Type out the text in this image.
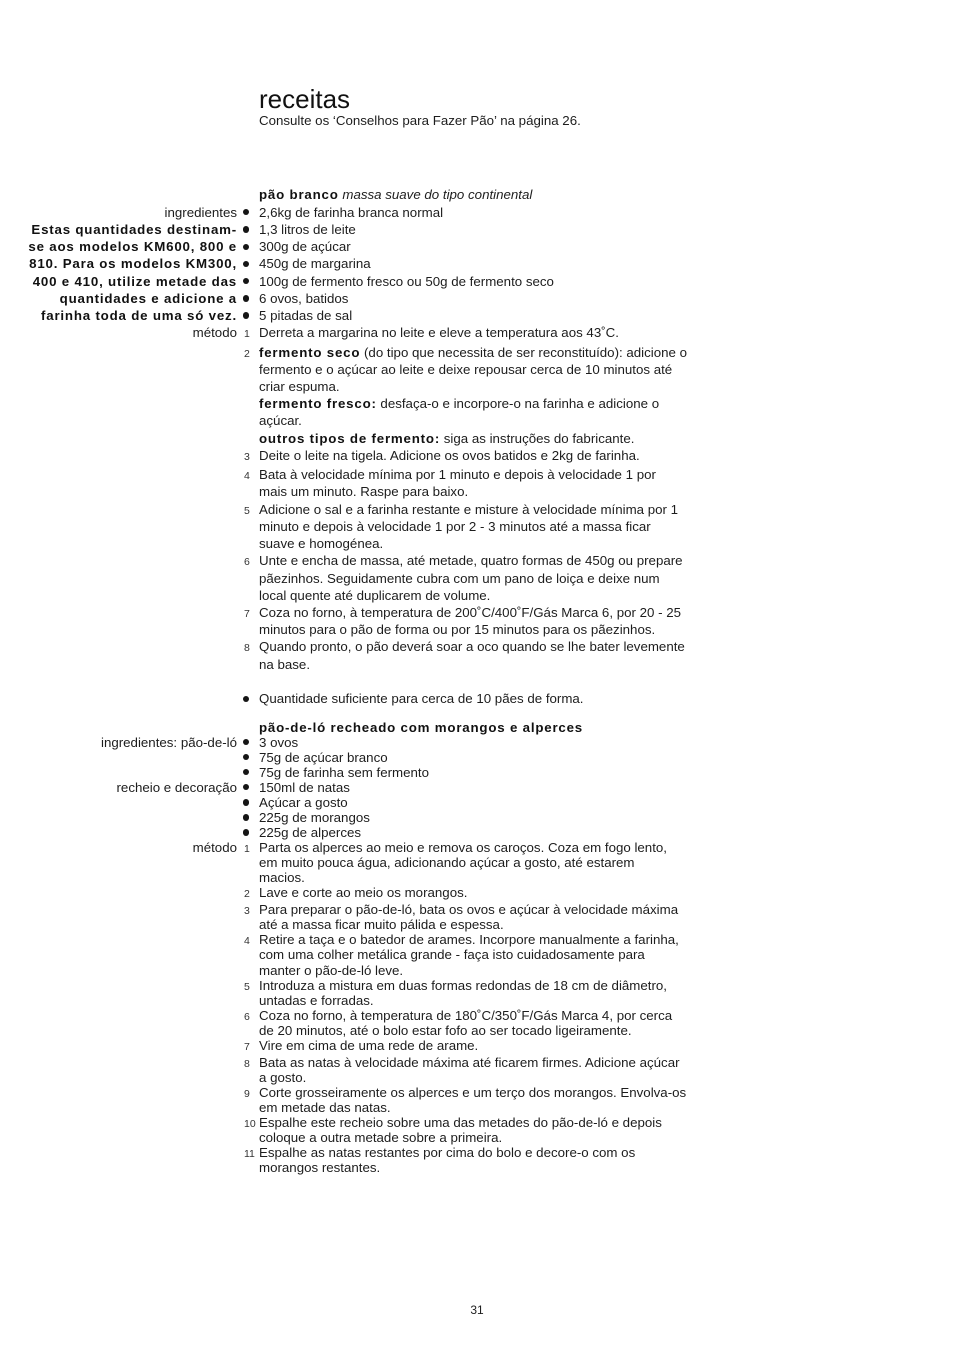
receitas
Consulte os ‘Conselhos para Fazer Pão’ na página 26.
pão branco massa suave do tipo continental
ingredientes
Estas quantidades destinam-
se aos modelos KM600, 800 e
810. Para os modelos KM300,
400 e 410, utilize metade das
quantidades e adicione a
farinha toda de uma só vez.
2,6kg de farinha branca normal
1,3 litros de leite
300g de açúcar
450g de margarina
100g de fermento fresco ou 50g de fermento seco
6 ovos, batidos
5 pitadas de sal
método 1 Derreta a margarina no leite e eleve a temperatura aos 43˚C.
2 fermento seco (do tipo que necessita de ser reconstituído): adicione o
fermento e o açúcar ao leite e deixe repousar cerca de 10 minutos até
criar espuma.
fermento fresco: desfaça-o e incorpore-o na farinha e adicione o
açúcar.
outros tipos de fermento: siga as instruções do fabricante.
3 Deite o leite na tigela. Adicione os ovos batidos e 2kg de farinha.
4 Bata à velocidade mínima por 1 minuto e depois à velocidade 1 por
mais um minuto. Raspe para baixo.
5 Adicione o sal e a farinha restante e misture à velocidade mínima por 1
minuto e depois à velocidade 1 por 2 - 3 minutos até a massa ficar
suave e homogénea.
6 Unte e encha de massa, até metade, quatro formas de 450g ou prepare
pãezinhos. Seguidamente cubra com um pano de loiça e deixe num
local quente até duplicarem de volume.
7 Coza no forno, à temperatura de 200˚C/400˚F/Gás Marca 6, por 20 - 25
minutos para o pão de forma ou por 15 minutos para os pãezinhos.
8 Quando pronto, o pão deverá soar a oco quando se lhe bater levemente
na base.
Quantidade suficiente para cerca de 10 pães de forma.
pão-de-ló recheado com morangos e alperces
ingredientes: pão-de-ló 3 ovos
75g de açúcar branco
75g de farinha sem fermento
recheio e decoração 150ml de natas
Açúcar a gosto
225g de morangos
225g de alperces
método 1 Parta os alperces ao meio e remova os caroços. Coza em fogo lento,
em muito pouca água, adicionando açúcar a gosto, até estarem
macios.
2 Lave e corte ao meio os morangos.
3 Para preparar o pão-de-ló, bata os ovos e açúcar à velocidade máxima
até a massa ficar muito pálida e espessa.
4 Retire a taça e o batedor de arames. Incorpore manualmente a farinha,
com uma colher metálica grande - faça isto cuidadosamente para
manter o pão-de-ló leve.
5 Introduza a mistura em duas formas redondas de 18 cm de diâmetro,
untadas e forradas.
6 Coza no forno, à temperatura de 180˚C/350˚F/Gás Marca 4, por cerca
de 20 minutos, até o bolo estar fofo ao ser tocado ligeiramente.
7 Vire em cima de uma rede de arame.
8 Bata as natas à velocidade máxima até ficarem firmes. Adicione açúcar
a gosto.
9 Corte grosseiramente os alperces e um terço dos morangos. Envolva-os
em metade das natas.
10 Espalhe este recheio sobre uma das metades do pão-de-ló e depois
coloque a outra metade sobre a primeira.
11 Espalhe as natas restantes por cima do bolo e decore-o com os
morangos restantes.
31
